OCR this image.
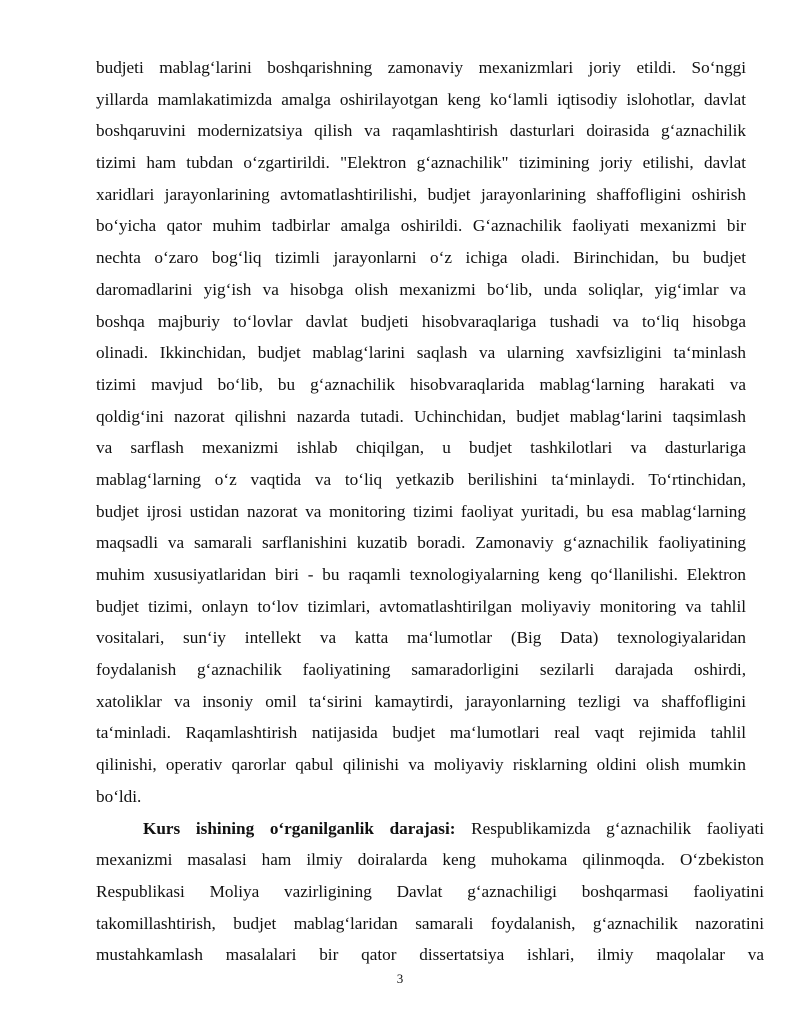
budjeti mablag‘larini boshqarishning zamonaviy mexanizmlari joriy etildi. So‘nggi
yillarda mamlakatimizda amalga oshirilayotgan keng ko‘lamli iqtisodiy islohotlar, davlat
boshqaruvini modernizatsiya qilish va raqamlashtirish dasturlari doirasida g‘aznachilik
tizimi ham tubdan o‘zgartirildi. "Elektron g‘aznachilik" tizimining joriy etilishi, davlat
xaridlari jarayonlarining avtomatlashtirilishi, budjet jarayonlarining shaffofligini oshirish
bo‘yicha qator muhim tadbirlar amalga oshirildi. G‘aznachilik faoliyati mexanizmi bir
nechta o‘zaro bog‘liq tizimli jarayonlarni o‘z ichiga oladi. Birinchidan, bu budjet
daromadlarini yig‘ish va hisobga olish mexanizmi bo‘lib, unda soliqlar, yig‘imlar va
boshqa majburiy to‘lovlar davlat budjeti hisobvaraqlariga tushadi va to‘liq hisobga
olinadi. Ikkinchidan, budjet mablag‘larini saqlash va ularning xavfsizligini ta‘minlash
tizimi mavjud bo‘lib, bu g‘aznachilik hisobvaraqlarida mablag‘larning harakati va
qoldig‘ini nazorat qilishni nazarda tutadi. Uchinchidan, budjet mablag‘larini taqsimlash
va sarflash mexanizmi ishlab chiqilgan, u budjet tashkilotlari va dasturlariga
mablag‘larning o‘z vaqtida va to‘liq yetkazib berilishini ta‘minlaydi. To‘rtinchidan,
budjet ijrosi ustidan nazorat va monitoring tizimi faoliyat yuritadi, bu esa mablag‘larning
maqsadli va samarali sarflanishini kuzatib boradi. Zamonaviy g‘aznachilik faoliyatining
muhim xususiyatlaridan biri - bu raqamli texnologiyalarning keng qo‘llanilishi. Elektron
budjet tizimi, onlayn to‘lov tizimlari, avtomatlashtirilgan moliyaviy monitoring va tahlil
vositalari, sun‘iy intellekt va katta ma‘lumotlar (Big Data) texnologiyalaridan
foydalanish g‘aznachilik faoliyatining samaradorligini sezilarli darajada oshirdi,
xatoliklar va insoniy omil ta‘sirini kamaytirdi, jarayonlarning tezligi va shaffofligini
ta‘minladi. Raqamlashtirish natijasida budjet ma‘lumotlari real vaqt rejimida tahlil
qilinishi, operativ qarorlar qabul qilinishi va moliyaviy risklarning oldini olish mumkin
bo‘ldi.
Kurs ishining o‘rganilganlik darajasi: Respublikamizda g‘aznachilik faoliyati
mexanizmi masalasi ham ilmiy doiralarda keng muhokama qilinmoqda. O‘zbekiston
Respublikasi Moliya vazirligining Davlat g‘aznachiligi boshqarmasi faoliyatini
takomillashtirish, budjet mablag‘laridan samarali foydalanish, g‘aznachilik nazoratini
mustahkamlash masalalari bir qator dissertatsiya ishlari, ilmiy maqolalar va
3
